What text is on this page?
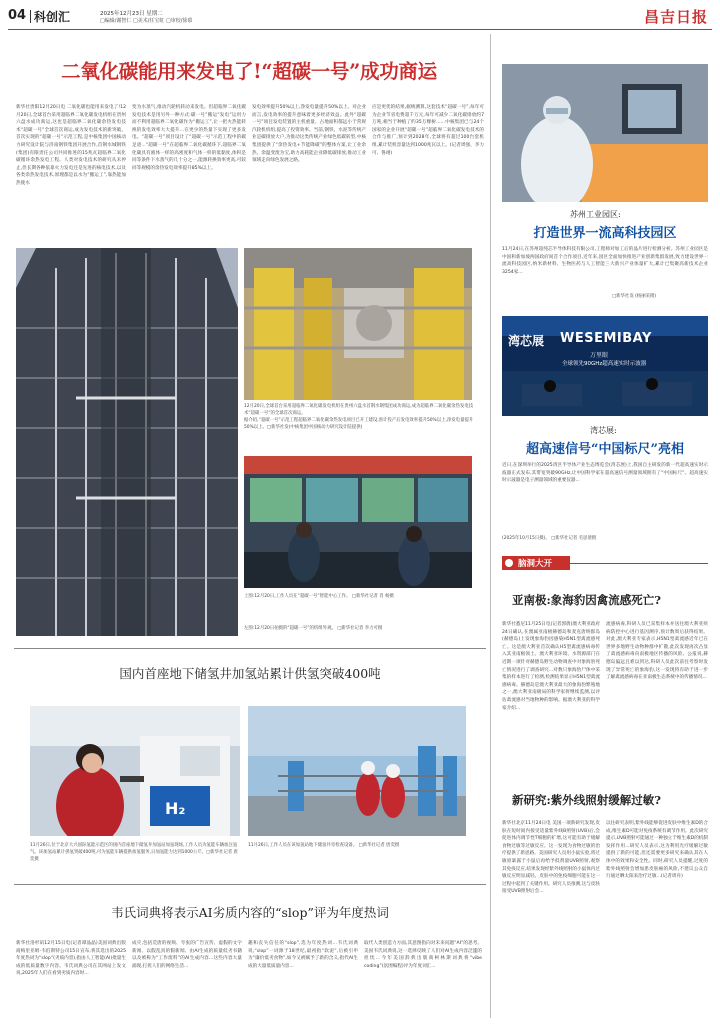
04 科创汇	2025年12月23日 星期二
□编辑/谢智仁 □美术/任宝虹 □审校/徐慕	昌吉日报
二氧化碳能用来发电了!“超碳一号”成功商运
新华社贵阳12月20日电 二氧化碳也能用来发电了!12月20日,全球首台采用超临界二氧化碳发电机组在贵州六盘水成功商运,这也是超临界二氧化碳余热发电技术“超碳一号”全球首次商运,成为发电技术的新突破。首次实现的“超碳一号”示范工程,是中核集团中国核动力研究设计院与济南钢铁集团开展合作,首钢水城钢铁(集团)有限责任公司共同推进的15兆瓦超临界二氧化碳循环余热发电工程。人类对发电技术的研究从未停止,但长期各种依靠火力发电还是先进的核电技术,以及各类余热发电技术,原理都是以水为“搬运工”,靠热能加热使水
变为水蒸气,推动汽轮机转动来发电。但超临界二氧化碳发电技术是用另外一种方式:碳一号”搬运“发电”运用力而不利用超临界二氧化碳作为“搬运工”,让一把火热能转换的发电效率大大提升...在更少的热量下实现了更多发电。“超碳一号”项目设计了“超碳一号”示范工程中的碳足迹...“超碳一号”在超临界二氧化碳循环下,超临界二氧化碳具有液体一样的高密度和气体一样的低黏度,体积是同等条件下水蒸气的几十分之一,能源转换效率更高,可较同等规模的余热发电效率提升85%以上。
发电效率提升50%以上,净发电量提升50%以上。对企业而言,发电效率的提升意味着更多经济效益。此外“超碳一号”项目发电装置的主机重量、占地面积都远小于常规汽轮机机组,提高了投资效率。当前,钢铁、水泥等传统产业是碳排放大户,为推动这类传统产业绿色低碳转型,中核集团提供了“余热发电+节能降碳”的整体方案,让工业余热、余温变废为宝,助力高耗能企业降低碳排放,推动工业领域走向绿色发展之路。
应是更优的结果,据统测算,这套技术“超碳一号”,每年可为企业节省电费超千万元,每年可减少二氧化碳排放约7万吨,相当于种植了约35万棵树……中核集团已与24个国家的企业开展“超碳一号”超临界二氧化碳发电技术的合作与推广,预计到2028年,全球将有超过100台套机组,累计装机容量达到1000兆瓦以上。(记者周强、李力可、鲁翊)
12月20日,全球首台采用超临界二氧化碳发电机组在贵州六盘水首钢水钢集团成功商运,成为超临界二氧化碳余热发电技术“超碳一号”的全球首次商运。
据介绍,“超碳一号”示范工程超临界二氧化碳余热发电项目已开工建设,预计投产后发电效率提升50%以上,净发电量提升50%以上。□新华社发(中核集团中国核动力研究设计院提供)
上图:12月20日,工作人员在“超碳一号”智能中心工作。 □新华社记者 肖 杨摄
左图:12月20日拍摄的“超碳一号”的机组外观。 □新华社记者 李力可摄
国内首座地下储氢井加氢站累计供氢突破400吨
H₂
11月26日,位于北京大兴国际氢能示范区的国内首座地下储氢井加氢站加氢现场,工作人员为氢能车辆加注氢气。该加氢站累计供氢突破400吨,可为氢能车辆提供加氢服务,日加氢能力达到1000公斤。□新华社记者 唐奕摄
11月26日,工作人员在该加氢站地下储氢井旁检查设备。 □新华社记者 唐奕摄
韦氏词典将表示AI劣质内容的“slop”评为年度热词
新华社洛杉矶12月15日电(记者谭晶晶)美国词典出版商梅里亚姆-韦伯斯特公司15日宣布,将其选出的2025年度热词为“slop”(劣质内容),指由人工智能(AI)批量生成的低质量数字内容。韦氏词典公司在其网站上发文说,2025年人们在看到劣质内容时...
成灾,包括荒唐的视频、夸张的广告宣传、虚假的文字新闻、以假乱真的假新闻、由AI生成的质量低劣书籍以及被称为“工作废料”的AI生成内容...这些内容大量涌现,打扰人们的网络生活...
趣和丧失信任的“slop”,选为年度热词...韦氏词典说,“slop”一词源于18世纪,最初指“软泥”,后被引申为“廉价低劣食物”,如今又被赋予了新的含义,指代AI生成的大量低质量内容...
取代人类创造力方面,其意图指向对未来问题“AI”的思考。美国韦氏词典说,这一选择反映了人们对AI生成内容泛滥的担忧...今年美国辞典出版商柯林斯词典将“vibe coding”(氛围编程)评为年度词汇...
苏州工业园区:
打造世界一流高科技园区
11月24日,在苏州超纯芯半导体科技有限公司,工程师对加工后的晶片进行检测分析。苏州工业园区是中国和新加坡两国政府间首个合作项目,近年来,园区全面加快推进产业创新集群发展,致力建设世界一流高科技园区,纳米新材料、生物医药与人工智能三大新兴产业体量扩大,累计已集聚高新技术企业3254家...
□新华社发 (杨丽采摄)
湾芯展 WESEMIBAY
万里眼
全球领先90GHz超高速实时示波器
湾芯展:
超高速信号“中国标尺”亮相
近日,在深圳举行的2025湾区半导体产业生态博览会(湾芯展)上,我国自主研发的新一代超高速实时示波器正式发布,其带宽突破90GHz,让中国科学家在超高速信号测量领域拥有了“中国标尺”。超高速实时示波器是电子测量领域的重要仪器...
(2025年10月15日摄)。 □新华社记者 毛思倩摄
脑洞大开
亚南极:象海豹因禽流感死亡?
新华社悉尼11月25日电(记者郭倩)澳大利亚政府24日确认,在澳属亚南极赫德岛和麦克唐纳群岛(赫德岛)上发现象海豹因感染H5N1型禽流感死亡。这是澳大利亚首次确认H5型禽流感病毒传入其亚南极领土。澳大利亚环境、水资源部门在近期一项针对赫德岛野生动物调查中对象海豹死亡情况进行了调查研究...对数只象海豹尸体中采集的样本进行了检测,检测结果显示H5N1型禽流感病毒。赫德岛是澳大利亚最大的象海豹繁殖地之一,澳大利亚南极局的科学家将继续监测,以评估禽流感对当地物种的影响。据澳大利亚的科学家介绍...
流感病毒,科研人员已采集样本并送往澳大利亚疾病防控中心进行基因测序,预计数周后获得结果。对此,澳大利亚专家表示,H5N1型禽流感近年已在世界多地野生动物种群中扩散,此次发现再次凸显了禽流感病毒向南极地区传播的风险。公报说,赫德岛偏远且难以到达,科研人员此次前往考察时发现了异常死亡的象海豹,这一发现将有助于进一步了解禽流感病毒在亚南极生态系统中的传播情况...
新研究:紫外线照射缓解过敏?
新华社北京11月24日电 美国一项新研究发现,皮肤在短时间内接受适量紫外线B照射(UVB)后,会促进体内调节性T细胞的扩增,这可能有助于缓解食物过敏等过敏反应。这一发现为食物过敏的治疗提供了新思路。美国研究人员用小鼠实验,将过敏原暴露于小鼠后再给予低剂量UVB照射,观察其免疫反应,结果发现经紫外线照射的小鼠体内过敏反应明显减轻。皮肤中的免疫细胞可能在这一过程中起到了关键作用。研究人员推测,这与皮肤接受UVB照射后会...
以往研究表明,紫外线能够促进皮肤中维生素D的合成,维生素D可能对免疫系统有调节作用。此次研究提示,UVB照射可能通过一种独立于维生素D的机制发挥作用...研究人员表示,这为利用光疗缓解过敏提供了新的可能,但还需要更多研究来确认其在人体中的效果和安全性。同时,研究人员提醒,过度的紫外线照射会增加患皮肤癌的风险,不建议公众自行通过晒太阳来治疗过敏...(记者周舟)
